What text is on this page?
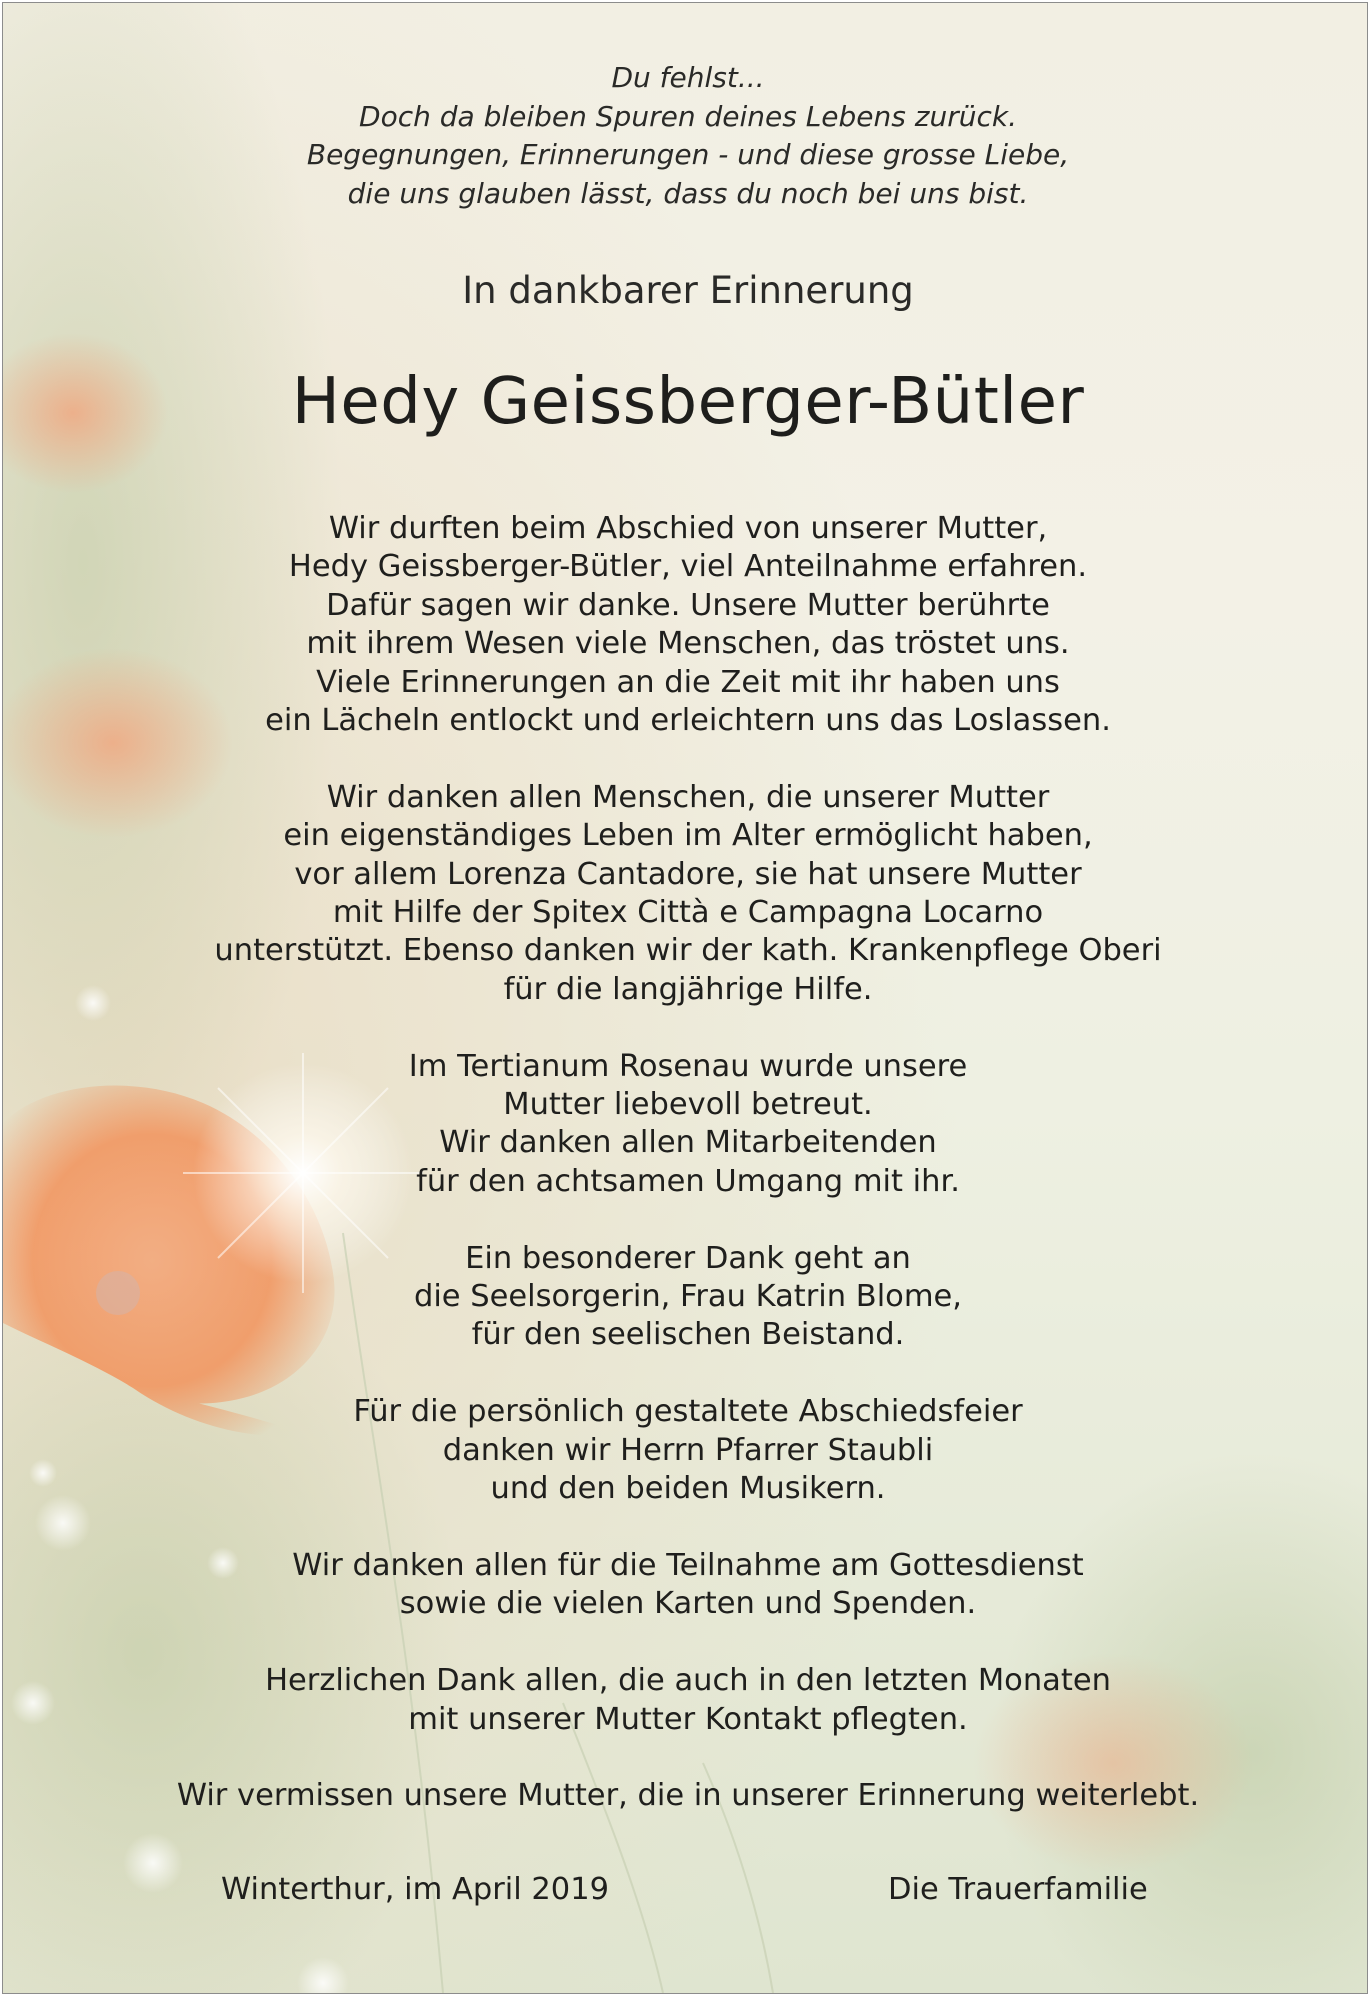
Du fehlst...
Doch da bleiben Spuren deines Lebens zurück.
Begegnungen, Erinnerungen - und diese grosse Liebe,
die uns glauben lässt, dass du noch bei uns bist.
In dankbarer Erinnerung
Hedy Geissberger-Bütler
Wir durften beim Abschied von unserer Mutter,
Hedy Geissberger-Bütler, viel Anteilnahme erfahren.
Dafür sagen wir danke. Unsere Mutter berührte
mit ihrem Wesen viele Menschen, das tröstet uns.
Viele Erinnerungen an die Zeit mit ihr haben uns
ein Lächeln entlockt und erleichtern uns das Loslassen.
Wir danken allen Menschen, die unserer Mutter
ein eigenständiges Leben im Alter ermöglicht haben,
vor allem Lorenza Cantadore, sie hat unsere Mutter
mit Hilfe der Spitex Città e Campagna Locarno
unterstützt. Ebenso danken wir der kath. Krankenpflege Oberi
für die langjährige Hilfe.
Im Tertianum Rosenau wurde unsere
Mutter liebevoll betreut.
Wir danken allen Mitarbeitenden
für den achtsamen Umgang mit ihr.
Ein besonderer Dank geht an
die Seelsorgerin, Frau Katrin Blome,
für den seelischen Beistand.
Für die persönlich gestaltete Abschiedsfeier
danken wir Herrn Pfarrer Staubli
und den beiden Musikern.
Wir danken allen für die Teilnahme am Gottesdienst
sowie die vielen Karten und Spenden.
Herzlichen Dank allen, die auch in den letzten Monaten
mit unserer Mutter Kontakt pflegten.
Wir vermissen unsere Mutter, die in unserer Erinnerung weiterlebt.
Winterthur, im April 2019	Die Trauerfamilie
